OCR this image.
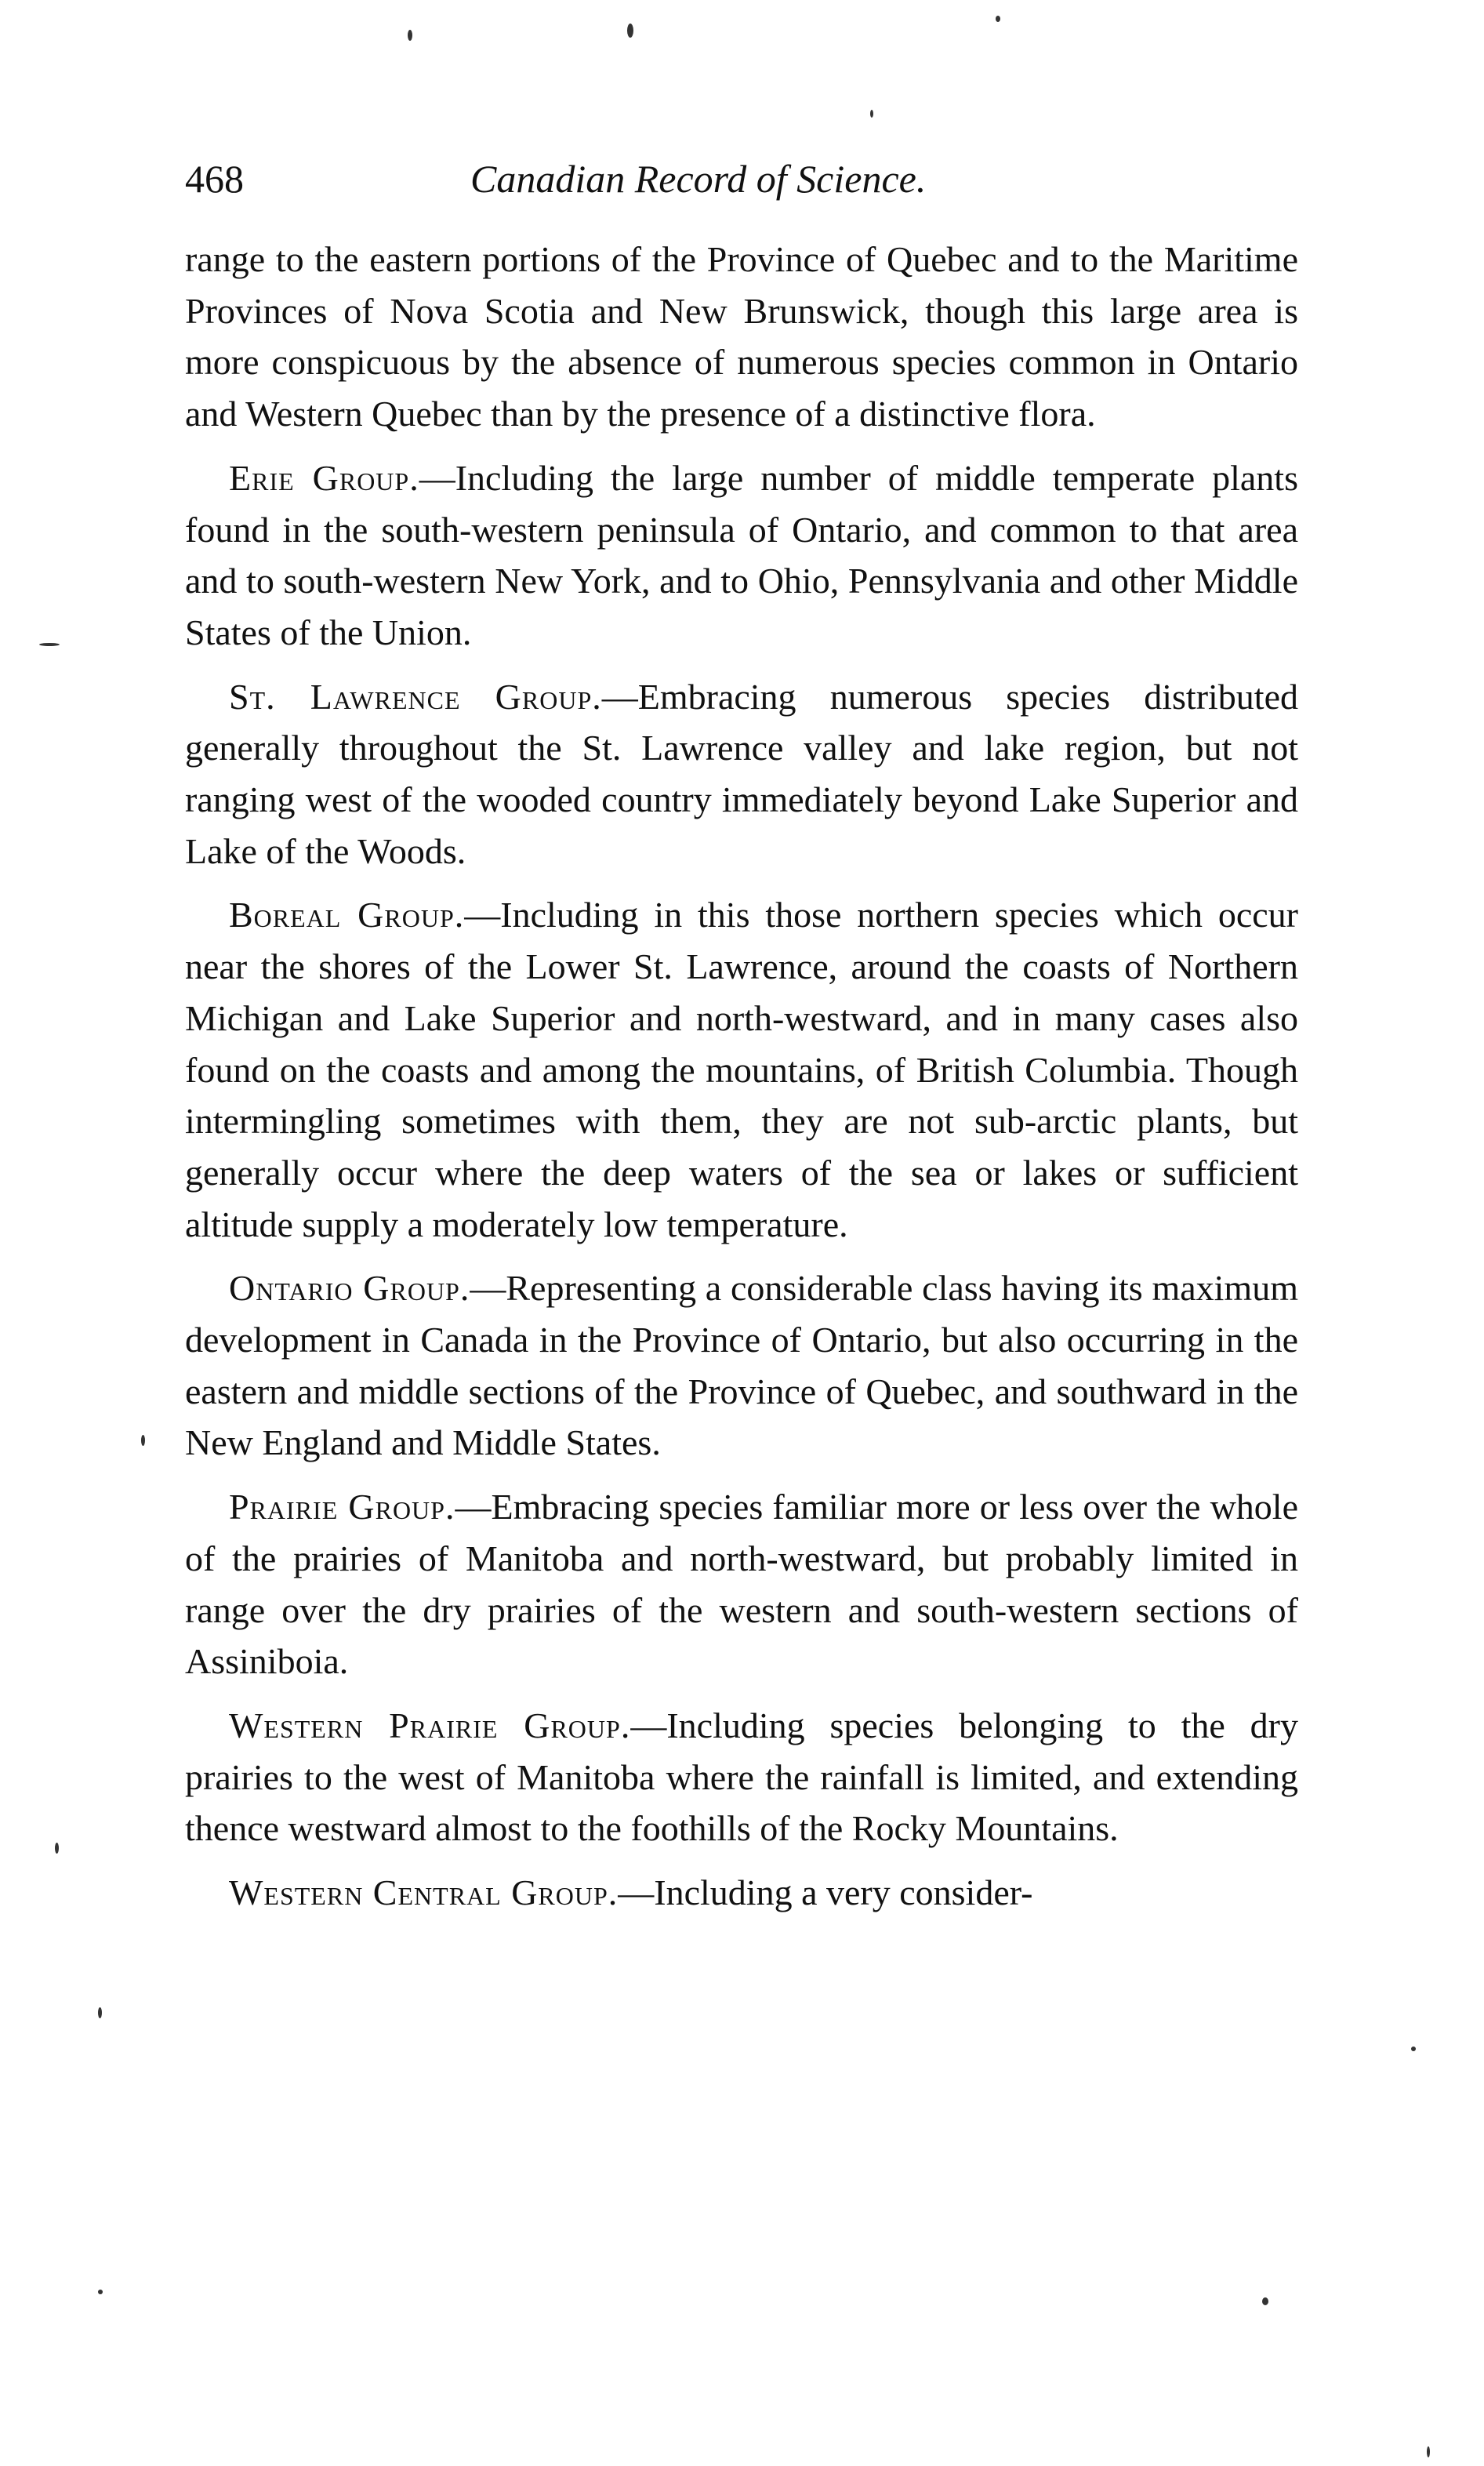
468	Canadian Record of Science.

range to the eastern portions of the Province of Quebec and to the Maritime Provinces of Nova Scotia and New Brunswick, though this large area is more conspicuous by the absence of numerous species common in Ontario and Western Quebec than by the presence of a distinctive flora.

Erie Group.—Including the large number of middle temperate plants found in the south-western peninsula of Ontario, and common to that area and to south-western New York, and to Ohio, Pennsylvania and other Middle States of the Union.

St. Lawrence Group.—Embracing numerous species distributed generally throughout the St. Lawrence valley and lake region, but not ranging west of the wooded country immediately beyond Lake Superior and Lake of the Woods.

Boreal Group.—Including in this those northern species which occur near the shores of the Lower St. Lawrence, around the coasts of Northern Michigan and Lake Superior and north-westward, and in many cases also found on the coasts and among the mountains, of British Columbia. Though intermingling sometimes with them, they are not sub-arctic plants, but generally occur where the deep waters of the sea or lakes or sufficient altitude supply a moderately low temperature.

Ontario Group.—Representing a considerable class having its maximum development in Canada in the Province of Ontario, but also occurring in the eastern and middle sections of the Province of Quebec, and southward in the New England and Middle States.

Prairie Group.—Embracing species familiar more or less over the whole of the prairies of Manitoba and north-westward, but probably limited in range over the dry prairies of the western and south-western sections of Assiniboia.

Western Prairie Group.—Including species belonging to the dry prairies to the west of Manitoba where the rainfall is limited, and extending thence westward almost to the foothills of the Rocky Mountains.

Western Central Group.—Including a very consider-
